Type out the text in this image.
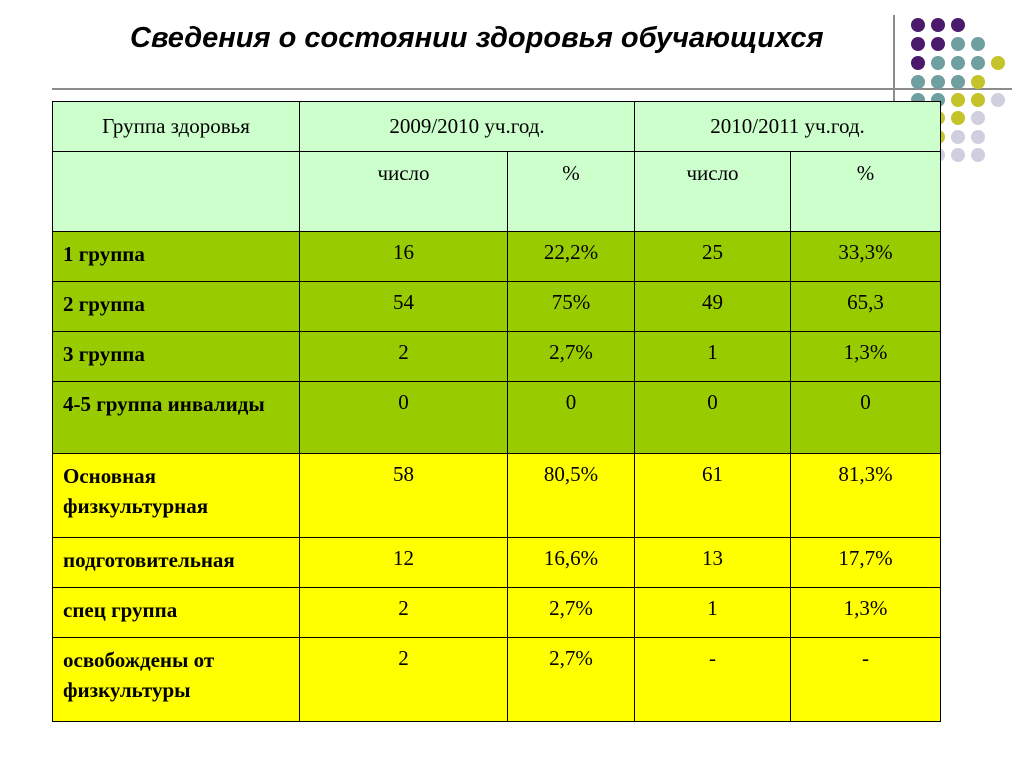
Сведения о состоянии здоровья обучающихся
Группа здоровья	2009/2010 уч.год.		2010/2011 уч.год.	
	число	%	число	%
1 группа	16	22,2%	25	33,3%
2 группа	54	75%	49	65,3
3 группа	2	2,7%	1	1,3%
4-5 группа инвалиды	0	0	0	0
Основная физкультурная	58	80,5%	61	81,3%
подготовительная	12	16,6%	13	17,7%
спец группа	2	2,7%	1	1,3%
освобождены от физкультуры	2	2,7%	-	-
